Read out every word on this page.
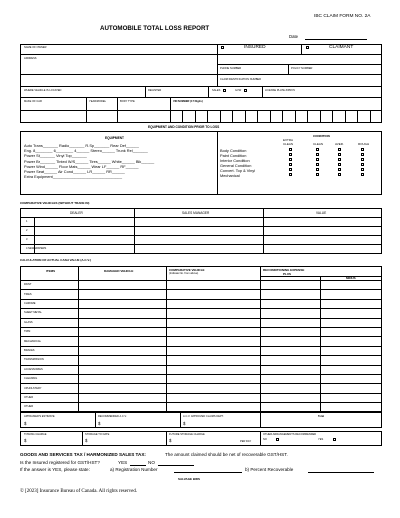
IBC CLAIM FORM NO. 2A
AUTOMOBILE TOTAL LOSS REPORT
Date
NAME OF OWNER	INSURED	CLAIMANT
ADDRESS
PHONE NUMBER	POLICY NUMBER
CLAIM IDENTIFICATION NUMBER
WHERE VEHICLE IS LOCATED	REGISTER	SALES	GVW	LICENSE PLATE #/PROV
MAKE OF CAR	YEAR/MODEL	BODY TYPE	VIN NUMBER (17 Digits)
EQUIPMENT AND CONDITION PRIOR TO LOSS
EQUIPMENT	CONDITION
EXTRA
CLEAN	CLEAN	AVER.	ROUGH
Auto Trans_______ Radio_______ R.Sp_______ Rear Def______
Eng. 8________ 6________ 4______ Stereo______ Trunk Rel_______
Power St_______ Vinyl Top_______
Power Br_______ Tinted W/S______ Tires______ White______ Blk______
Power Wind______ Floor Mats______ Wear LF______ RF______
Power Seat______ Air Cond______ LR______ RR______
Extra Equipment________________________________
Body Condition
Paint Condition
Interior Condition
General Condition
Convert. Top & Vinyl
Mechanical
COMPARATIVE VEHICLES (WITHOUT TRADE IN)
DEALER	SALES MANAGER	VALUE
1
2
3
4 NEWSPAPERS
CALCULATION OF ACTUAL CASH VALUE (A.C.V.)
ITEMS	DAMAGED VEHICLE	COMPARATIVE VEHICLE
(Indicate No. from above)
RECONDITIONING EXPENSE
PLUS
MINUS
PAINT
TIRES
CHROME
SHEET METAL
GLASS
TRIM
MECHANICAL
BRAKES
TRANSMISSION
ACCESSORIES
CLEANING
UPHOLSTERY
OTHER
OTHER
APPRAISER'S ESTIMATE
$
RECOMMENDED A.C.V.
$
A.C.V. APPROVED CLAIMS DEPT.
$
Total
TOWING CHARGE
$
STORAGE TO DATE
$
FUTURE STORAGE CHARGE
$	PER DAY
OTHER ARRANGEMENTS RECOMMENDED
NO	YES
GOODS AND SERVICES TAX / HARMONIZED SALES TAX:	The amount claimed should be net of recoverable GST/HST.
Is the Insured registered for GST/HST?	YES	NO
If the answer is YES, please state:	a) Registration Number	b) Percent Recoverable
SALVAGE BIDS
© [2023] Insurance Bureau of Canada. All rights reserved.
